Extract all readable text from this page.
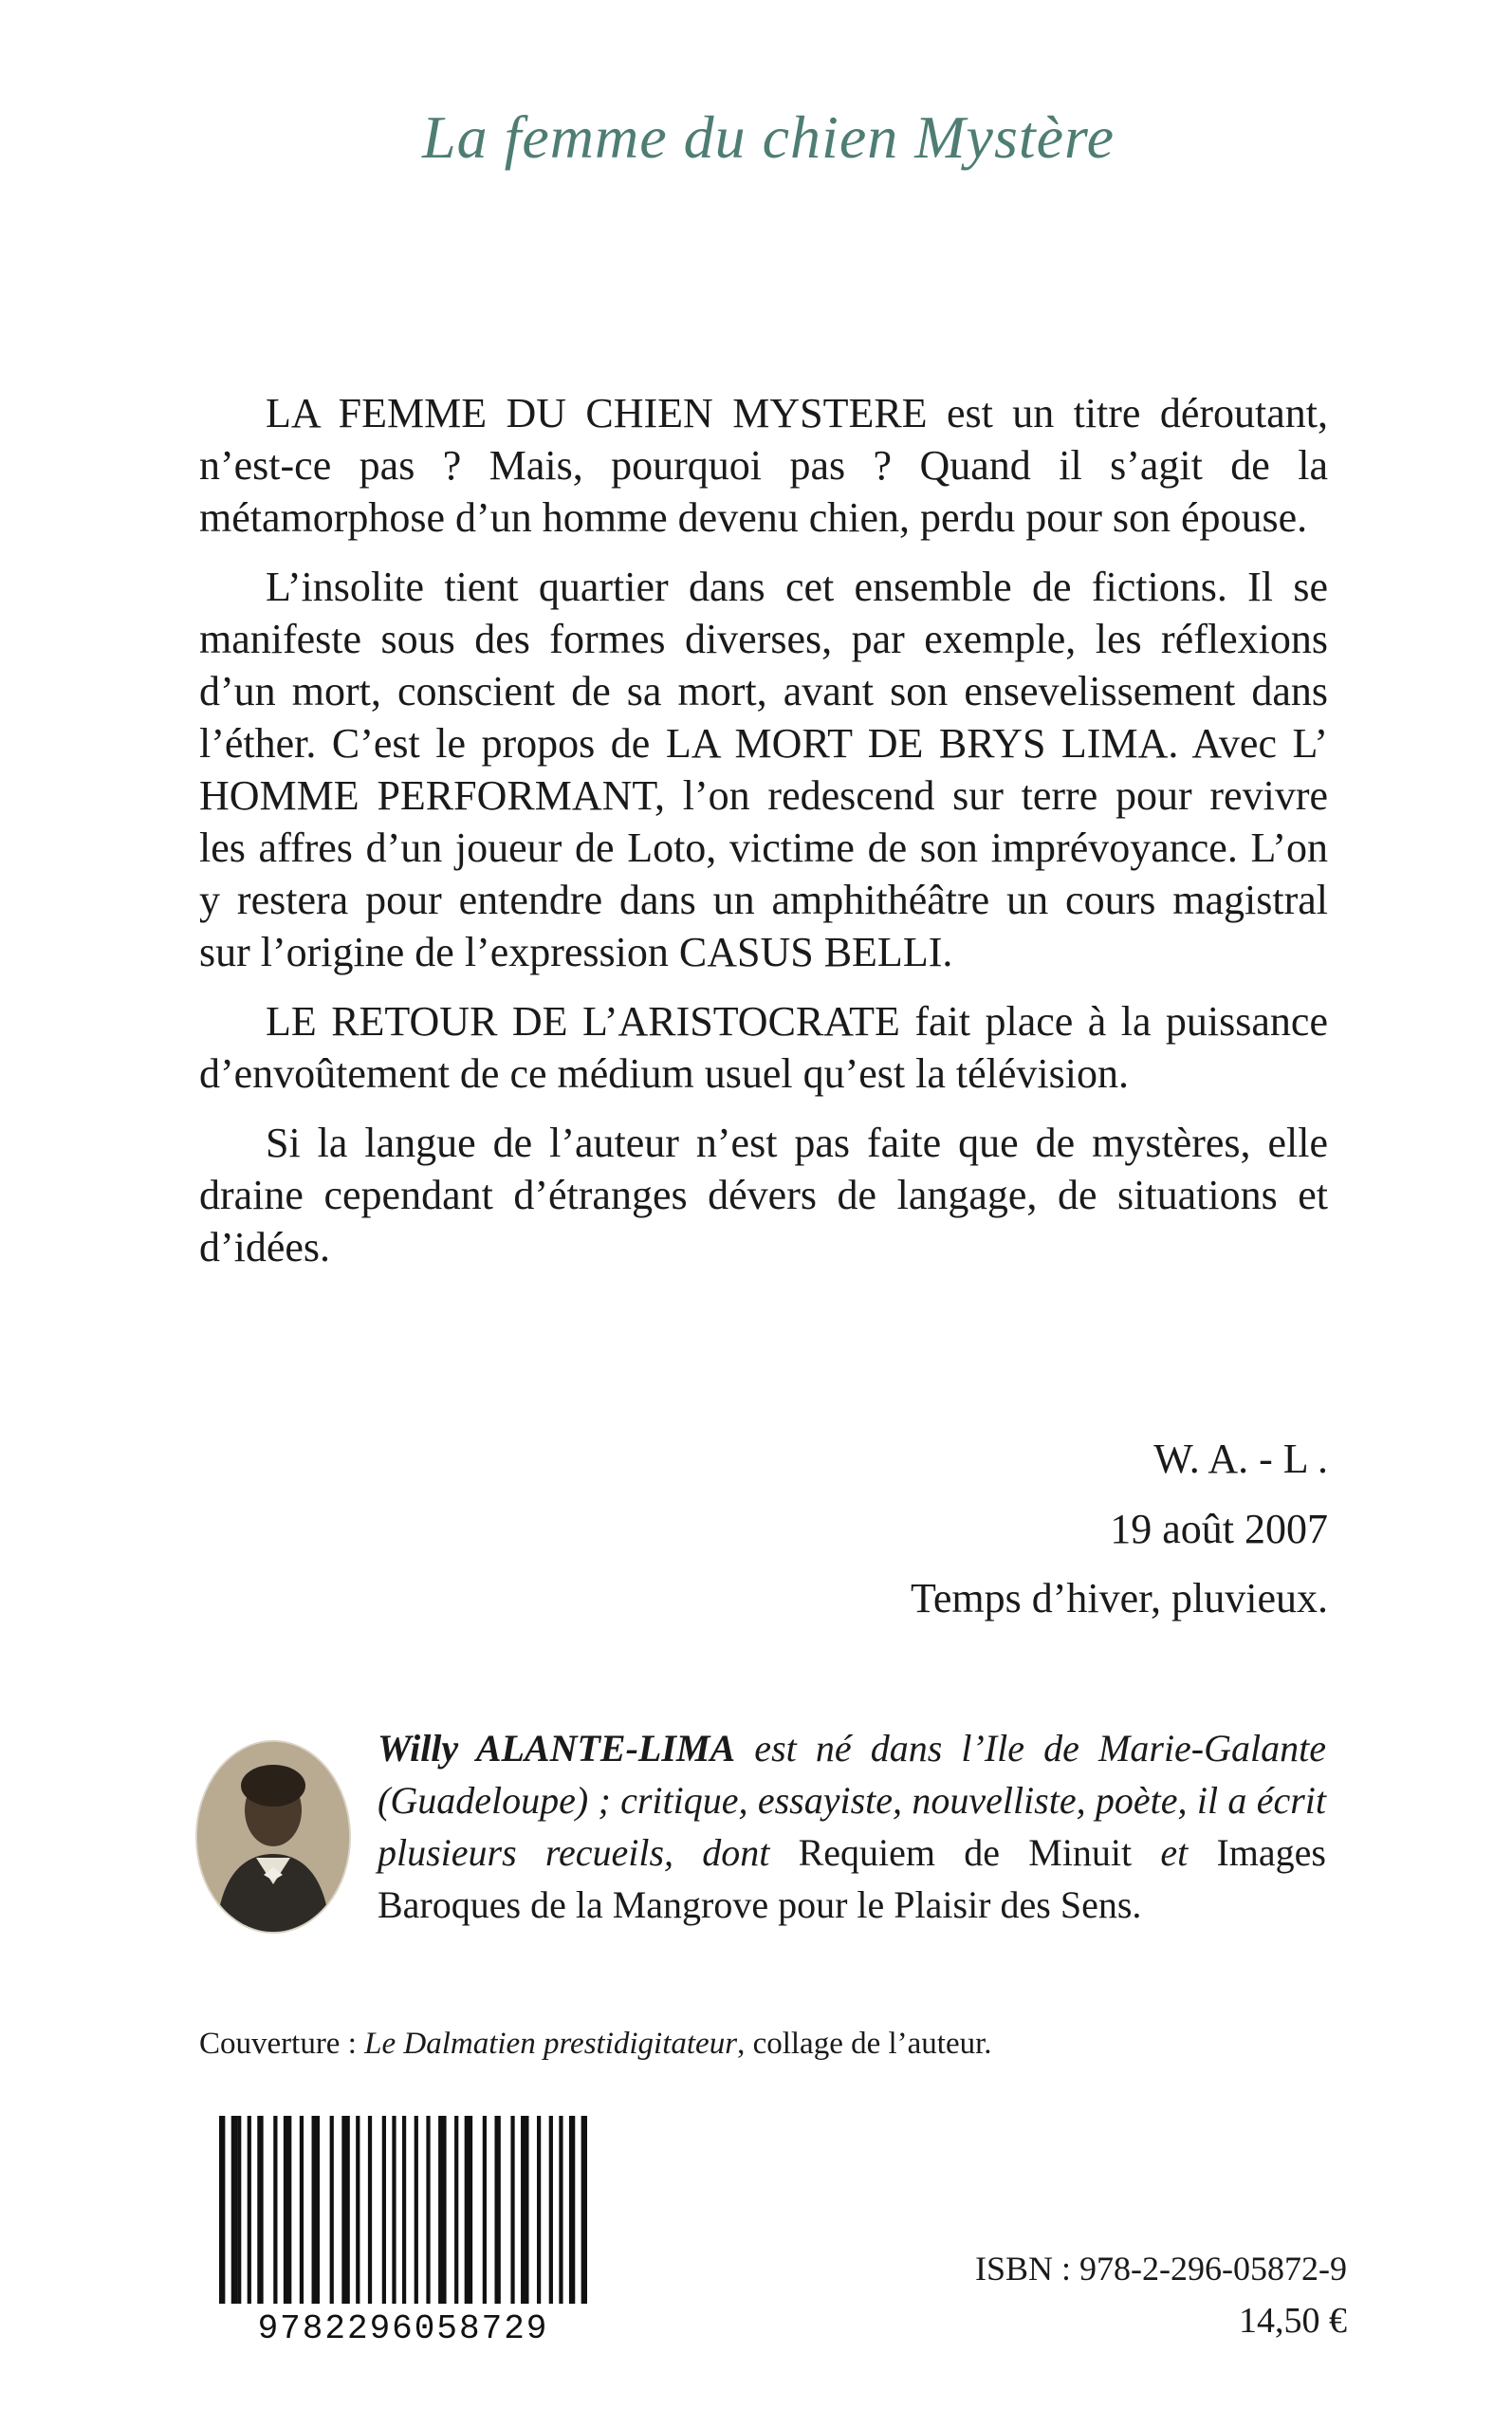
La femme du chien Mystère

LA FEMME DU CHIEN MYSTERE est un titre déroutant, n’est-ce pas ? Mais, pourquoi pas ? Quand il s’agit de la métamorphose d’un homme devenu chien, perdu pour son épouse.

L’insolite tient quartier dans cet ensemble de fictions. Il se manifeste sous des formes diverses, par exemple, les réflexions d’un mort, conscient de sa mort, avant son ensevelissement dans l’éther. C’est le propos de LA MORT DE BRYS LIMA. Avec L’ HOMME PERFORMANT, l’on redescend sur terre pour revivre les affres d’un joueur de Loto, victime de son imprévoyance. L’on y restera pour entendre dans un amphithéâtre un cours magistral sur l’origine de l’expression CASUS BELLI.

LE RETOUR DE L’ARISTOCRATE fait place à la puissance d’envoûtement de ce médium usuel qu’est la télévision.

Si la langue de l’auteur n’est pas faite que de mystères, elle draine cependant d’étranges dévers de langage, de situations et d’idées.

W. A. - L .
19 août 2007
Temps d’hiver, pluvieux.
Willy ALANTE-LIMA est né dans l’Ile de Marie-Galante (Guadeloupe) ; critique, essayiste, nouvelliste, poète, il a écrit plusieurs recueils, dont Requiem de Minuit et Images Baroques de la Mangrove pour le Plaisir des Sens.
Couverture : Le Dalmatien prestidigitateur, collage de l’auteur.
9782296058729
ISBN : 978-2-296-05872-9
14,50 €
